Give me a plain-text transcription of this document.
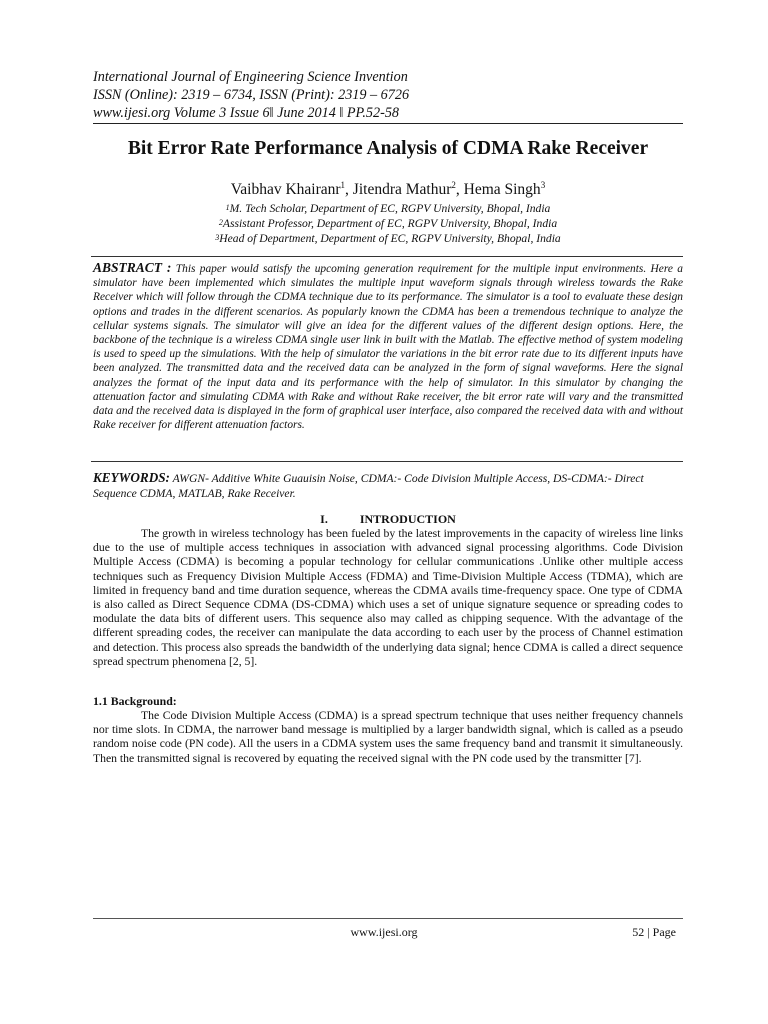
International Journal of Engineering Science Invention
ISSN (Online): 2319 – 6734, ISSN (Print): 2319 – 6726
www.ijesi.org Volume 3 Issue 6ǁ June 2014 ǁ PP.52-58
Bit Error Rate Performance Analysis of CDMA Rake Receiver
Vaibhav Khairanr$^1$, Jitendra Mathur$^2$, Hema Singh$^3$
$^1$M. Tech Scholar, Department of EC, RGPV University, Bhopal, India
$^2$Assistant Professor, Department of EC, RGPV University, Bhopal, India
$^3$Head of Department, Department of EC, RGPV University, Bhopal, India

ABSTRACT : This paper would satisfy the upcoming generation requirement for the multiple input environments. Here a simulator have been implemented which simulates the multiple input waveform signals through wireless towards the Rake Receiver which will follow through the CDMA technique due to its performance. The simulator is a tool to evaluate these design options and trades in the different scenarios. As popularly known the CDMA has been a tremendous technique to analyze the cellular systems signals. The simulator will give an idea for the different values of the different design options. Here, the backbone of the technique is a wireless CDMA single user link in built with the Matlab. The effective method of system modeling is used to speed up the simulations. With the help of simulator the variations in the bit error rate due to its different inputs have been analyzed. The transmitted data and the received data can be analyzed in the form of signal waveforms. Here the signal analyzes the format of the input data and its performance with the help of simulator. In this simulator by changing the attenuation factor and simulating CDMA with Rake and without Rake receiver, the bit error rate will vary and the transmitted data and the received data is displayed in the form of graphical user interface, also compared the received data with and without Rake receiver for different attenuation factors.

KEYWORDS: AWGN- Additive White Guauisin Noise, CDMA:- Code Division Multiple Access, DS-CDMA:- Direct Sequence CDMA, MATLAB, Rake Receiver.

I.	INTRODUCTION

The growth in wireless technology has been fueled by the latest improvements in the capacity of wireless line links due to the use of multiple access techniques in association with advanced signal processing algorithms. Code Division Multiple Access (CDMA) is becoming a popular technology for cellular communications .Unlike other multiple access techniques such as Frequency Division Multiple Access (FDMA) and Time-Division Multiple Access (TDMA), which are limited in frequency band and time duration sequence, whereas the CDMA avails time-frequency space. One type of CDMA is also called as Direct Sequence CDMA (DS-CDMA) which uses a set of unique signature sequence or spreading codes to modulate the data bits of different users. This sequence also may called as chipping sequence. With the advantage of the different spreading codes, the receiver can manipulate the data according to each user by the process of Channel estimation and detection. This process also spreads the bandwidth of the underlying data signal; hence CDMA is called a direct sequence spread spectrum phenomena [2, 5].

1.1 Background:

The Code Division Multiple Access (CDMA) is a spread spectrum technique that uses neither frequency channels nor time slots. In CDMA, the narrower band message is multiplied by a larger bandwidth signal, which is called as a pseudo random noise code (PN code). All the users in a CDMA system uses the same frequency band and transmit it simultaneously. Then the transmitted signal is recovered by equating the received signal with the PN code used by the transmitter [7].

www.ijesi.org	52 | Page
